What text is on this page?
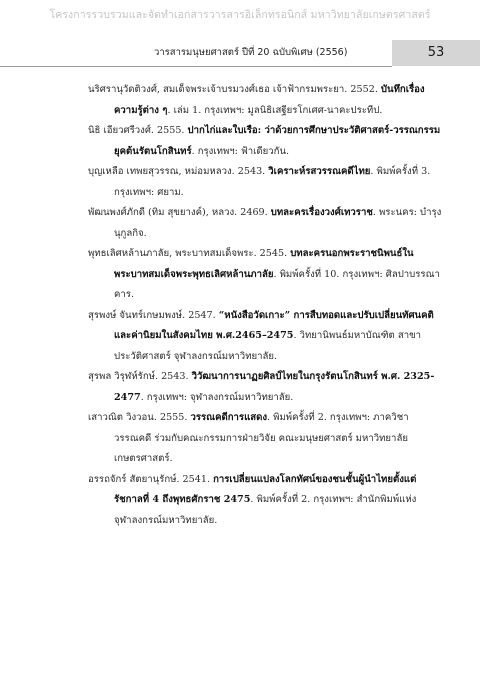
โครงการรวบรวมและจัดทำเอกสารวารสารอิเล็กทรอนิกส์ มหาวิทยาลัยเกษตรศาสตร์
วารสารมนุษยศาสตร์ ปีที่ 20 ฉบับพิเศษ (2556)	53

นริศรานุวัดติวงศ์, สมเด็จพระเจ้าบรมวงศ์เธอ เจ้าฟ้ากรมพระยา. 2552. บันทึกเรื่องความรู้ต่าง ๆ. เล่ม 1. กรุงเทพฯ: มูลนิธิเสฐียรโกเศศ-นาคะประทีป.

นิธิ เอียวศรีวงศ์. 2555. ปากไก่และใบเรือ: ว่าด้วยการศึกษาประวัติศาสตร์-วรรณกรรมยุคต้นรัตนโกสินทร์. กรุงเทพฯ: ฟ้าเดียวกัน.

บุญเหลือ เทพยสุวรรณ, หม่อมหลวง. 2543. วิเคราะห์รสวรรณคดีไทย. พิมพ์ครั้งที่ 3. กรุงเทพฯ: ศยาม.

พัฒนพงศ์ภักดี (ทิม สุขยางค์), หลวง. 2469. บทละครเรื่องวงศ์เทวราช. พระนคร: บำรุงนุกูลกิจ.

พุทธเลิศหล้านภาลัย, พระบาทสมเด็จพระ. 2545. บทละครนอกพระราชนิพนธ์ในพระบาทสมเด็จพระพุทธเลิศหล้านภาลัย. พิมพ์ครั้งที่ 10. กรุงเทพฯ: ศิลปาบรรณาคาร.

สุรพงษ์ จันทร์เกษมพงษ์. 2547. “หนังสือวัดเกาะ” การสืบทอดและปรับเปลี่ยนทัศนคติและค่านิยมในสังคมไทย พ.ศ.2465–2475. วิทยานิพนธ์มหาบัณฑิต สาขาประวัติศาสตร์ จุฬาลงกรณ์มหาวิทยาลัย.

สุรพล วิรุฬห์รักษ์. 2543. วิวัฒนาการนาฏยศิลป์ไทยในกรุงรัตนโกสินทร์ พ.ศ. 2325-2477. กรุงเทพฯ: จุฬาลงกรณ์มหาวิทยาลัย.

เสาวณิต วิงวอน. 2555. วรรณคดีการแสดง. พิมพ์ครั้งที่ 2. กรุงเทพฯ: ภาควิชาวรรณคดี ร่วมกับคณะกรรมการฝ่ายวิจัย คณะมนุษยศาสตร์ มหาวิทยาลัยเกษตรศาสตร์.

อรรถจักร์ สัตยานุรักษ์. 2541. การเปลี่ยนแปลงโลกทัศน์ของชนชั้นผู้นำไทยตั้งแต่รัชกาลที่ 4 ถึงพุทธศักราช 2475. พิมพ์ครั้งที่ 2. กรุงเทพฯ: สำนักพิมพ์แห่งจุฬาลงกรณ์มหาวิทยาลัย.
